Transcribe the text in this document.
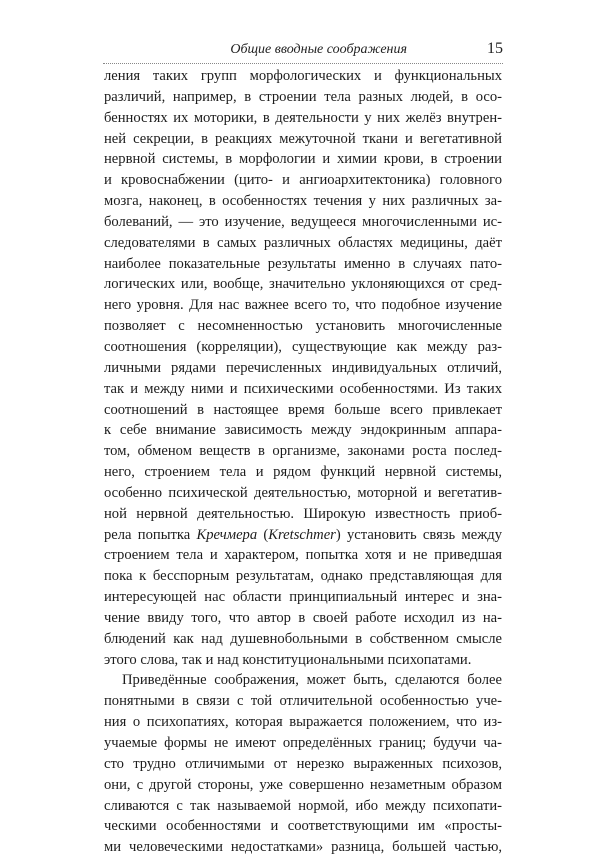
Общие вводные соображения	15
ления таких групп морфологических и функциональных
различий, например, в строении тела разных людей, в осо-
бенностях их моторики, в деятельности у них желёз внутрен-
ней секреции, в реакциях межуточной ткани и вегетативной
нервной системы, в морфологии и химии крови, в строении
и кровоснабжении (цито- и ангиоархитектоника) головного
мозга, наконец, в особенностях течения у них различных за-
болеваний, — это изучение, ведущееся многочисленными ис-
следователями в самых различных областях медицины, даёт
наиболее показательные результаты именно в случаях пато-
логических или, вообще, значительно уклоняющихся от сред-
него уровня. Для нас важнее всего то, что подобное изучение
позволяет с несомненностью установить многочисленные
соотношения (корреляции), существующие как между раз-
личными рядами перечисленных индивидуальных отличий,
так и между ними и психическими особенностями. Из таких
соотношений в настоящее время больше всего привлекает
к себе внимание зависимость между эндокринным аппара-
том, обменом веществ в организме, законами роста послед-
него, строением тела и рядом функций нервной системы,
особенно психической деятельностью, моторной и вегетатив-
ной нервной деятельностью. Широкую известность приоб-
рела попытка Кречмера (Kretschmer) установить связь между
строением тела и характером, попытка хотя и не приведшая
пока к бесспорным результатам, однако представляющая для
интересующей нас области принципиальный интерес и зна-
чение ввиду того, что автор в своей работе исходил из на-
блюдений как над душевнобольными в собственном смысле
этого слова, так и над конституциональными психопатами.
Приведённые соображения, может быть, сделаются более
понятными в связи с той отличительной особенностью уче-
ния о психопатиях, которая выражается положением, что из-
учаемые формы не имеют определённых границ; будучи ча-
сто трудно отличимыми от нерезко выраженных психозов,
они, с другой стороны, уже совершенно незаметным образом
сливаются с так называемой нормой, ибо между психопати-
ческими особенностями и соответствующими им «просты-
ми человеческими недостатками» разница, большей частью,
